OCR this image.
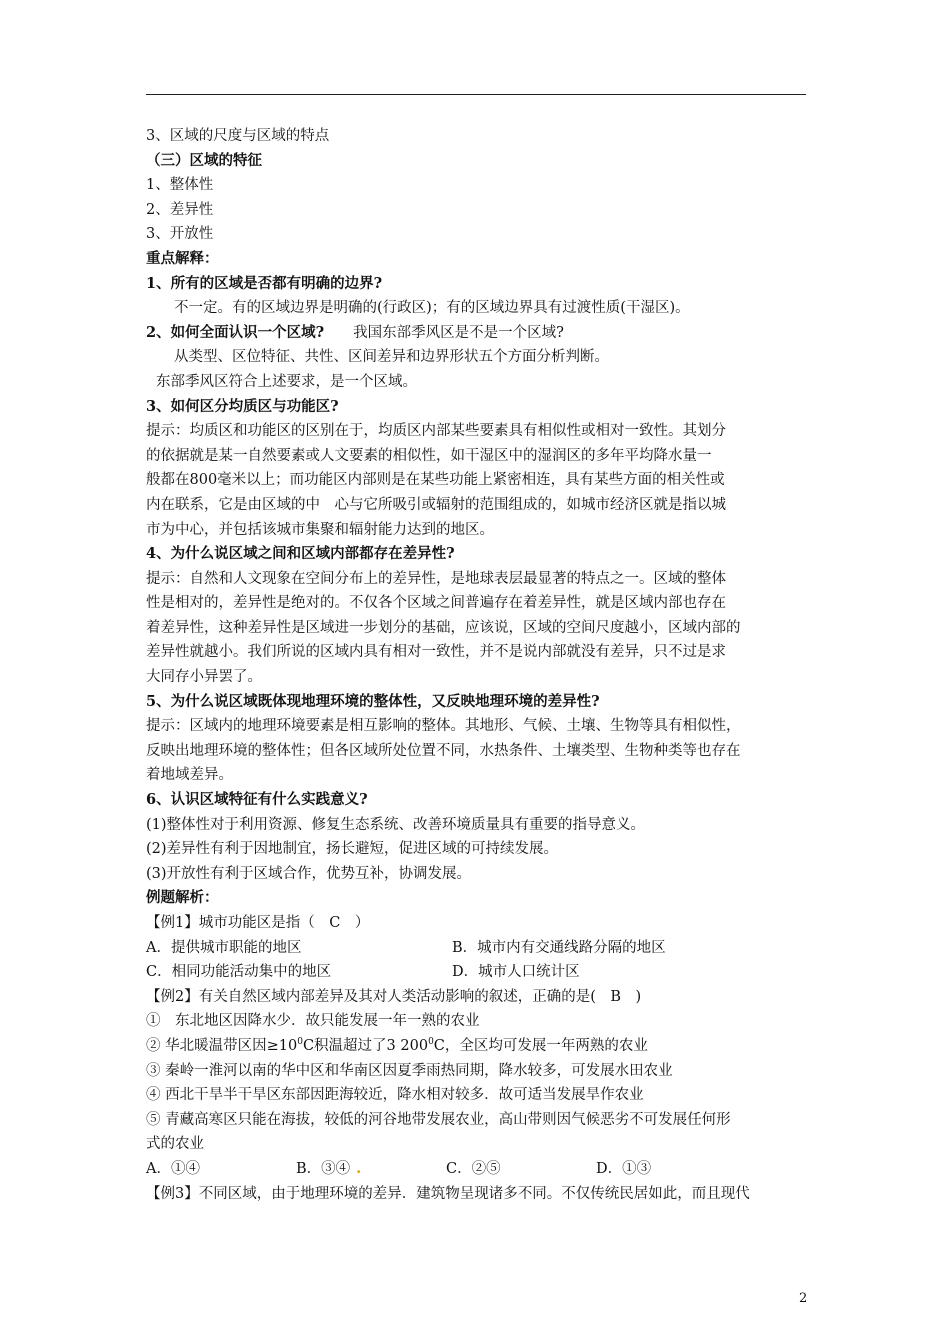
3、区域的尺度与区域的特点
（三）区域的特征
1、整体性
2、差异性
3、开放性
重点解释：
1、所有的区域是否都有明确的边界?
不一定。有的区域边界是明确的(行政区)；有的区域边界具有过渡性质(干湿区)。
2、如何全面认识一个区域?　　 我国东部季风区是不是一个区域?
从类型、区位特征、共性、区间差异和边界形状五个方面分析判断。
东部季风区符合上述要求，是一个区域。
3、如何区分均质区与功能区?
提示：均质区和功能区的区别在于，均质区内部某些要素具有相似性或相对一致性。其划分
的依据就是某一自然要素或人文要素的相似性，如干湿区中的湿润区的多年平均降水量一
般都在800毫米以上；而功能区内部则是在某些功能上紧密相连，具有某些方面的相关性或
内在联系，它是由区域的中　心与它所吸引或辐射的范围组成的，如城市经济区就是指以城
市为中心，并包括该城市集聚和辐射能力达到的地区。
4、为什么说区域之间和区域内部都存在差异性?
提示：自然和人文现象在空间分布上的差异性，是地球表层最显著的特点之一。区域的整体
性是相对的，差异性是绝对的。不仅各个区域之间普遍存在着差异性，就是区域内部也存在
着差异性，这种差异性是区域进一步划分的基础，应该说，区域的空间尺度越小，区域内部的
差异性就越小。我们所说的区域内具有相对一致性，并不是说内部就没有差异，只不过是求
大同存小异罢了。
5、为什么说区域既体现地理环境的整体性，又反映地理环境的差异性?
提示：区域内的地理环境要素是相互影响的整体。其地形、气候、土壤、生物等具有相似性，
反映出地理环境的整体性；但各区域所处位置不同，水热条件、土壤类型、生物种类等也存在
着地域差异。
6、认识区域特征有什么实践意义?
(1)整体性对于利用资源、修复生态系统、改善环境质量具有重要的指导意义。
(2)差异性有利于因地制宜，扬长避短，促进区域的可持续发展。
(3)开放性有利于区域合作，优势互补，协调发展。
例题解析：
【例1】城市功能区是指（　C　）
A．提供城市职能的地区	B．城市内有交通线路分隔的地区
C．相同功能活动集中的地区	D．城市人口统计区
【例2】有关自然区域内部差异及其对人类活动影响的叙述，正确的是(　B　)
①　东北地区因降水少．故只能发展一年一熟的农业
② 华北暖温带区因$\ge 10^0C$积温超过了3 $200^0C$，全区均可发展一年两熟的农业
③ 秦岭一淮河以南的华中区和华南区因夏季雨热同期，降水较多，可发展水田农业
④ 西北干旱半干旱区东部因距海较近，降水相对较多．故可适当发展旱作农业
⑤ 青藏高寒区只能在海拔，较低的河谷地带发展农业，高山带则因气候恶劣不可发展任何形
式的农业
A．①④	B．③④ .	C．②⑤	D．①③
【例3】不同区域，由于地理环境的差异．建筑物呈现诸多不同。不仅传统民居如此，而且现代
2
